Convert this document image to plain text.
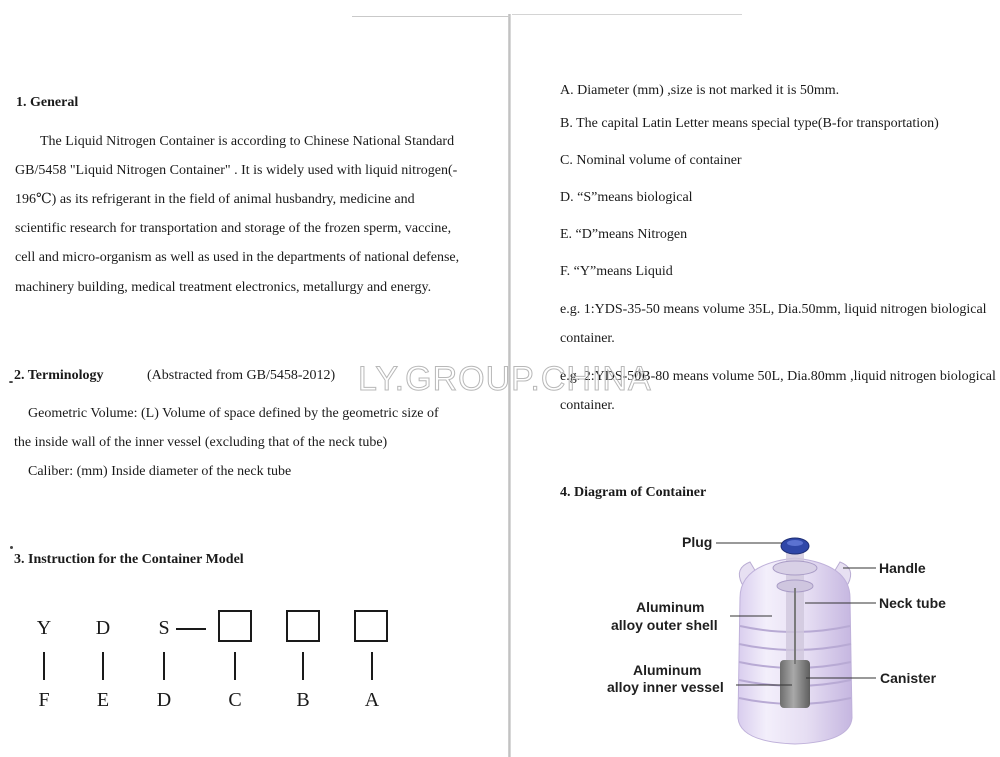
1. General
The Liquid Nitrogen Container is according to Chinese National Standard
GB/5458 "Liquid Nitrogen Container" . It is widely used with liquid nitrogen(-
196℃) as its refrigerant in the field of animal husbandry, medicine and
scientific research for transportation and storage of the frozen sperm, vaccine,
cell and micro-organism as well as used in the departments of national defense,
machinery building, medical treatment electronics, metallurgy and energy.
2. Terminology	(Abstracted from GB/5458-2012)
Geometric Volume: (L) Volume of space defined by the geometric size of
the inside wall of the inner vessel (excluding that of the neck tube)
Caliber: (mm) Inside diameter of the neck tube
3. Instruction for the Container Model
Y D	S
F	E D	C	B	A
A. Diameter (mm) ,size is not marked it is 50mm.
B. The capital Latin Letter means special type(B-for transportation)
C. Nominal volume of container
D. “S”means biological
E. “D”means Nitrogen
F. “Y”means Liquid
e.g. 1:YDS-35-50 means volume 35L, Dia.50mm, liquid nitrogen biological
container.
e.g. 2:YDS-50B-80 means volume 50L, Dia.80mm ,liquid nitrogen biological
container.
4. Diagram of Container
Plug
Handle
Neck tube
Aluminum
alloy outer shell
Aluminum
alloy inner vessel
Canister
LY.GROUP.CHINA
